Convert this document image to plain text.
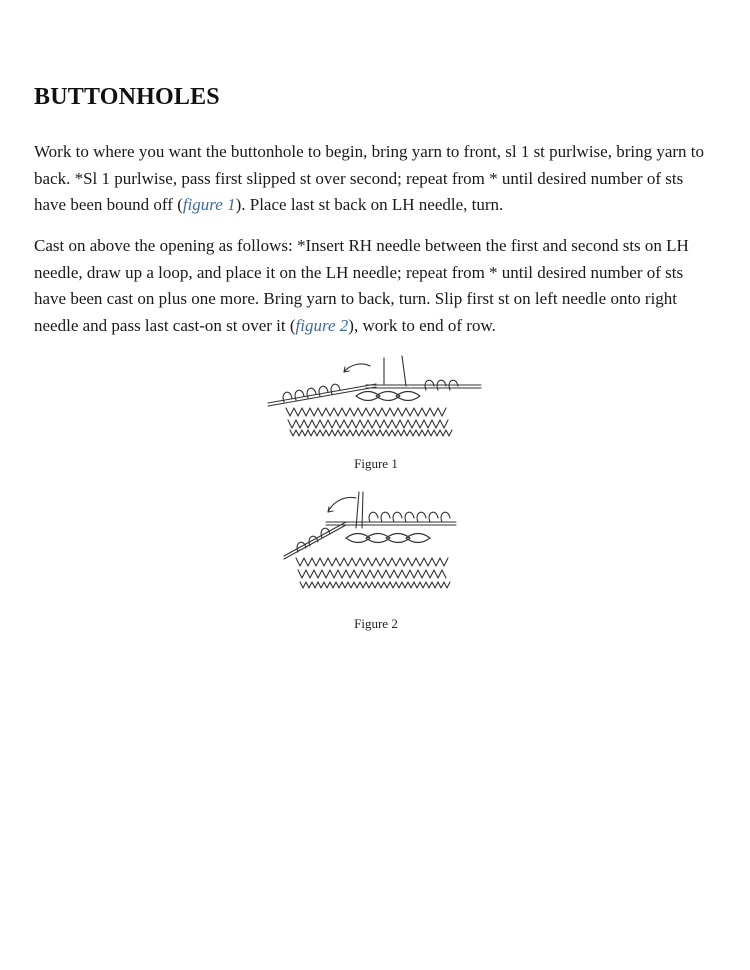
BUTTONHOLES

Work to where you want the buttonhole to begin, bring yarn to front, sl 1 st purlwise, bring yarn to back. *Sl 1 purlwise, pass first slipped st over second; repeat from * until desired number of sts have been bound off (figure 1). Place last st back on LH needle, turn.

Cast on above the opening as follows: *Insert RH needle between the first and second sts on LH needle, draw up a loop, and place it on the LH needle; repeat from * until desired number of sts have been cast on plus one more. Bring yarn to back, turn. Slip first st on left needle onto right needle and pass last cast-on st over it (figure 2), work to end of row.

Figure 1
Figure 2
